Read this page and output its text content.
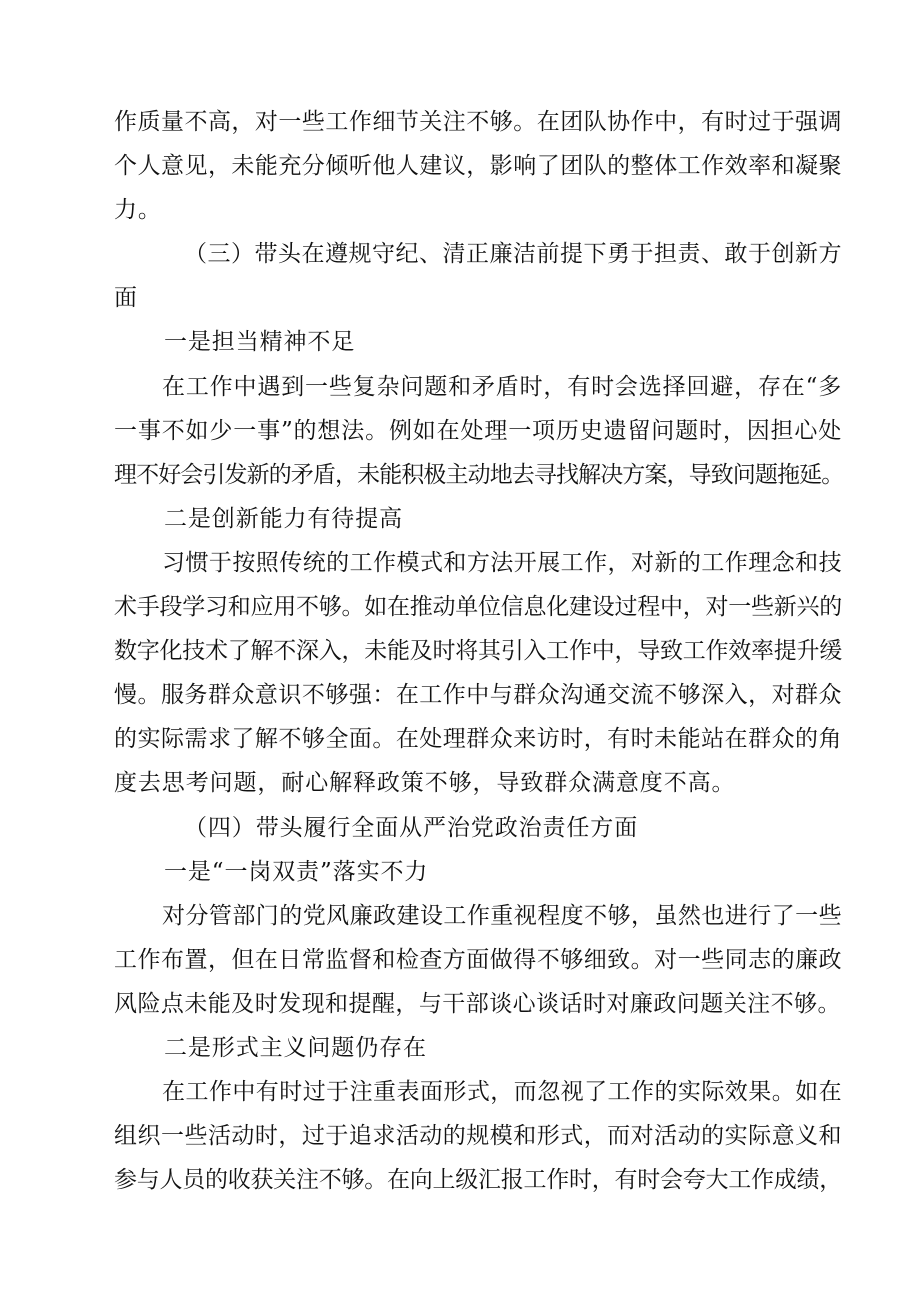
作质量不高，对一些工作细节关注不够。在团队协作中，有时过于强调
个人意见，未能充分倾听他人建议，影响了团队的整体工作效率和凝聚
力。
（三）带头在遵规守纪、清正廉洁前提下勇于担责、敢于创新方
面
一是担当精神不足
在工作中遇到一些复杂问题和矛盾时，有时会选择回避，存在“多
一事不如少一事”的想法。例如在处理一项历史遗留问题时，因担心处
理不好会引发新的矛盾，未能积极主动地去寻找解决方案，导致问题拖延。
二是创新能力有待提高
习惯于按照传统的工作模式和方法开展工作，对新的工作理念和技
术手段学习和应用不够。如在推动单位信息化建设过程中，对一些新兴的
数字化技术了解不深入，未能及时将其引入工作中，导致工作效率提升缓
慢。服务群众意识不够强：在工作中与群众沟通交流不够深入，对群众
的实际需求了解不够全面。在处理群众来访时，有时未能站在群众的角
度去思考问题，耐心解释政策不够，导致群众满意度不高。
（四）带头履行全面从严治党政治责任方面
一是“一岗双责”落实不力
对分管部门的党风廉政建设工作重视程度不够，虽然也进行了一些
工作布置，但在日常监督和检查方面做得不够细致。对一些同志的廉政
风险点未能及时发现和提醒，与干部谈心谈话时对廉政问题关注不够。
二是形式主义问题仍存在
在工作中有时过于注重表面形式，而忽视了工作的实际效果。如在
组织一些活动时，过于追求活动的规模和形式，而对活动的实际意义和
参与人员的收获关注不够。在向上级汇报工作时，有时会夸大工作成绩，
